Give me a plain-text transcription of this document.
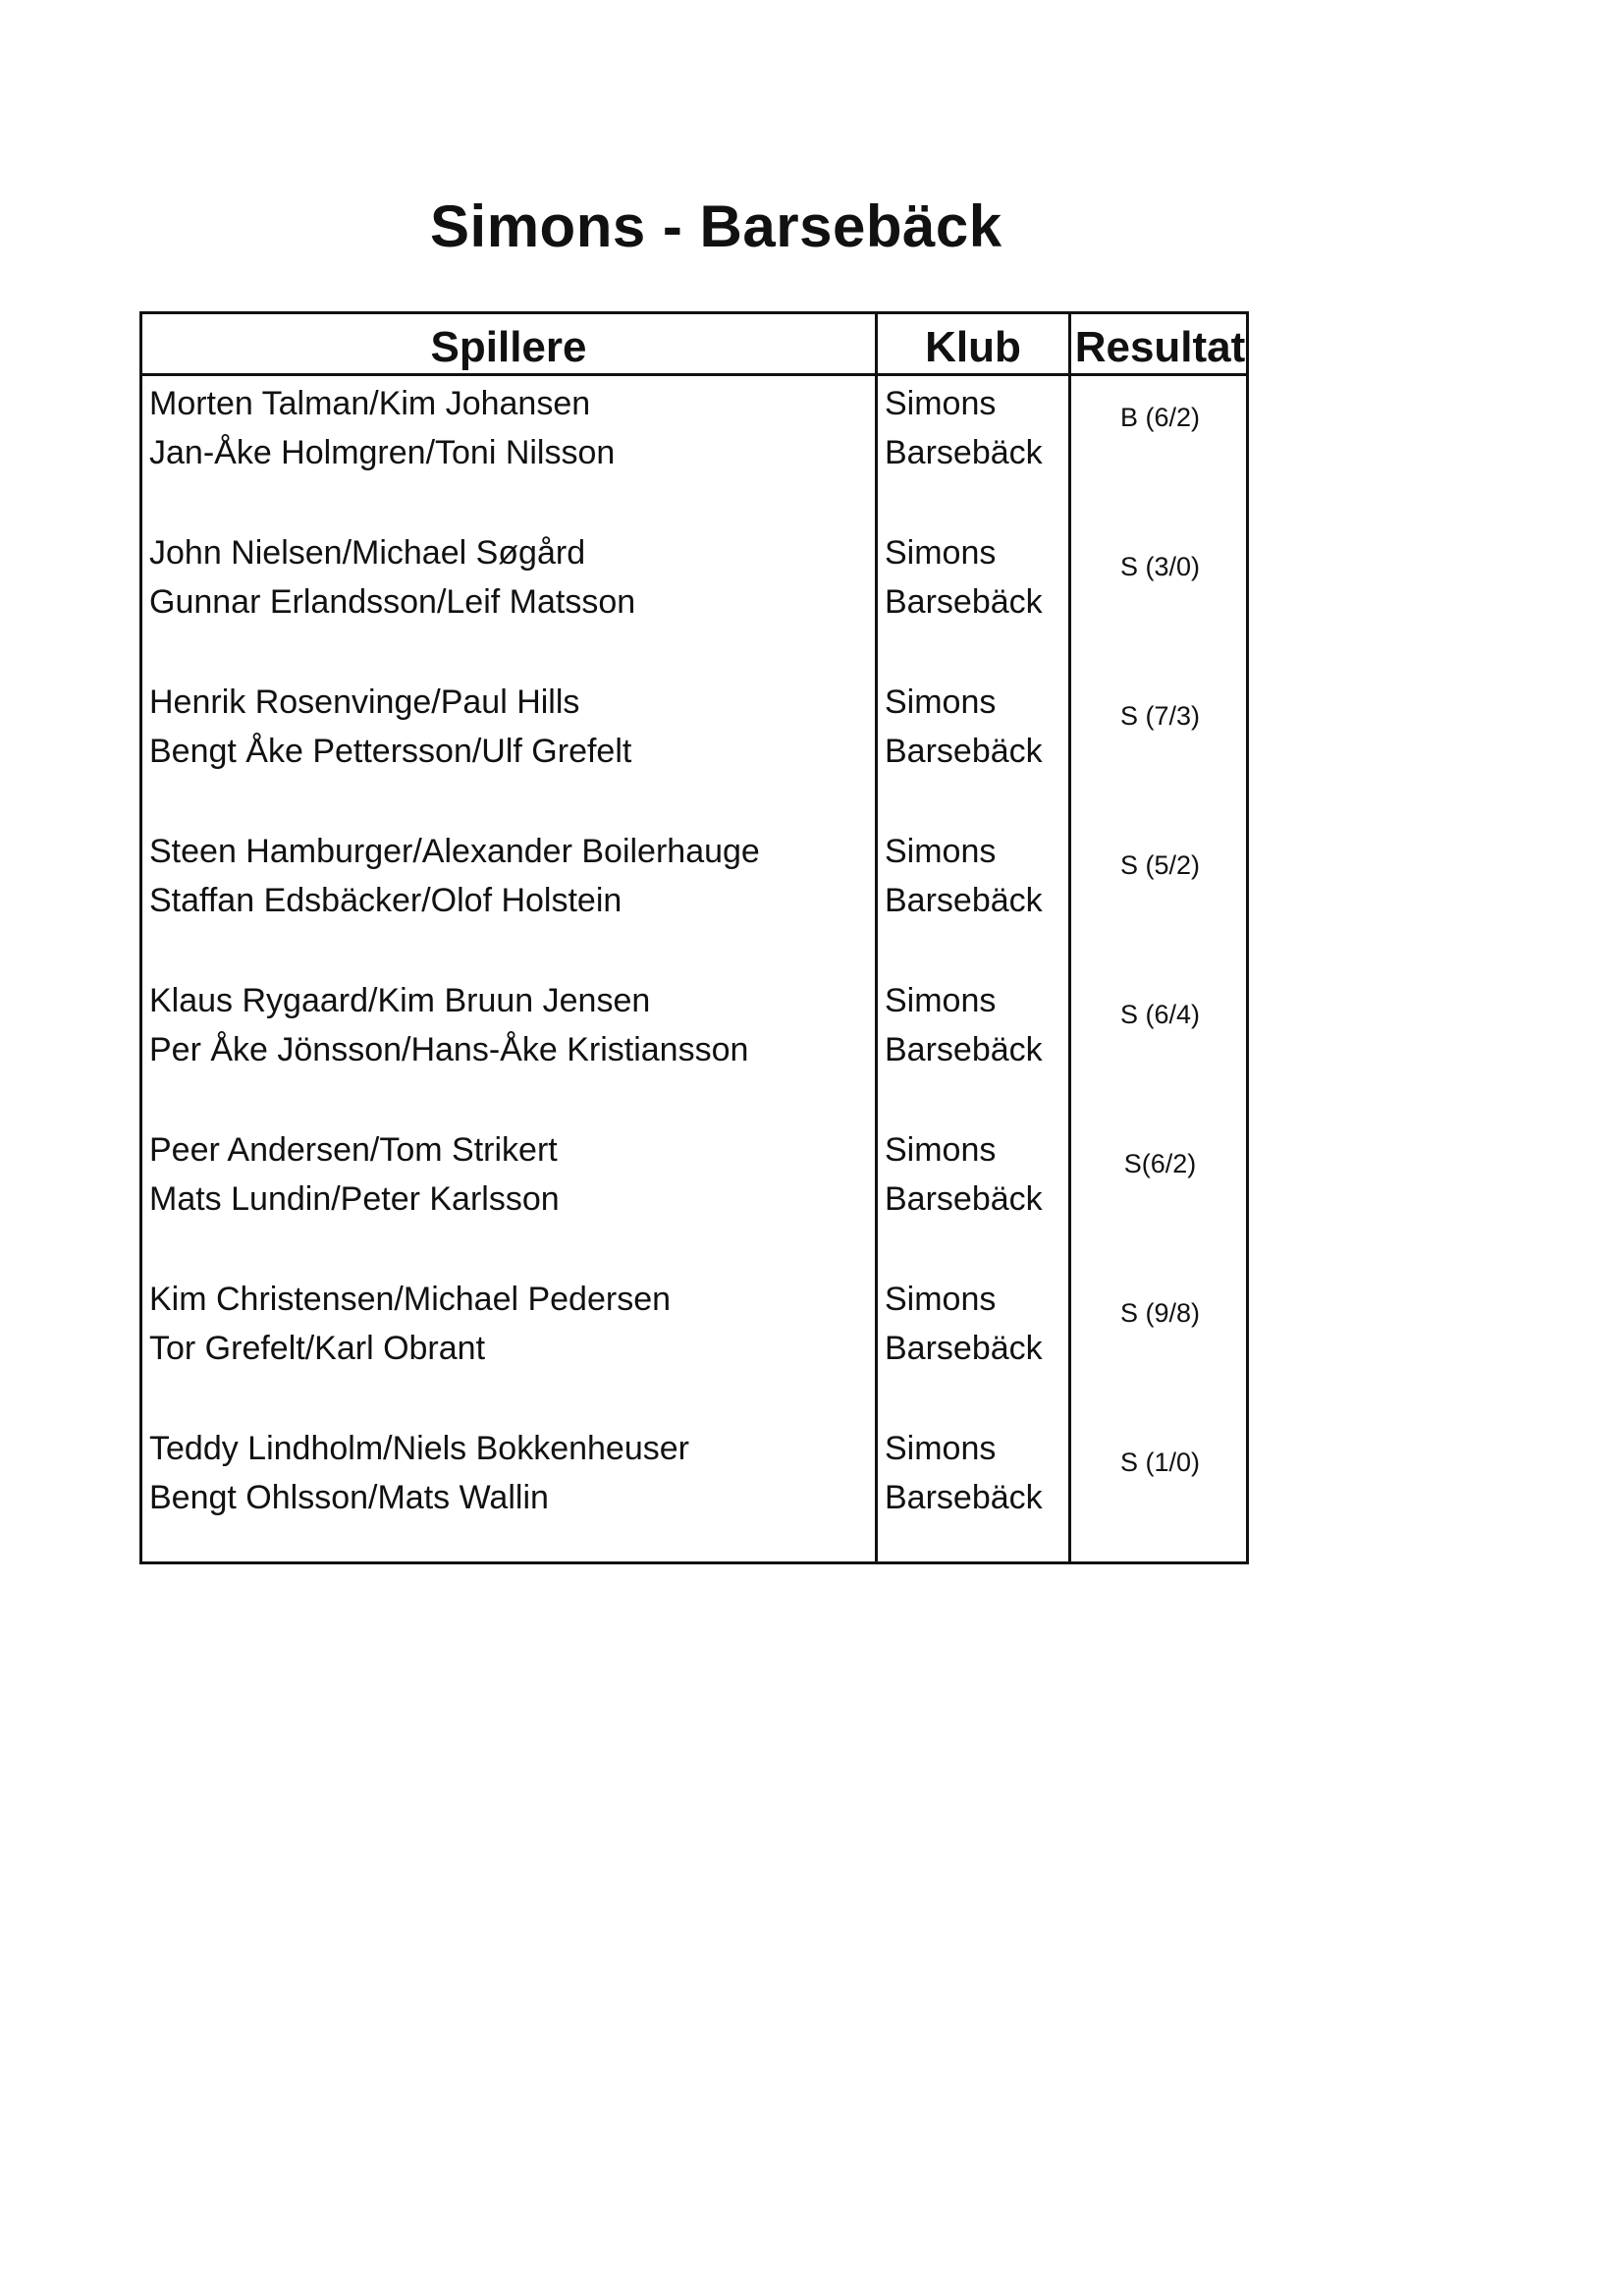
Simons - Barsebäck
Spillere	Klub	Resultat
Morten Talman/Kim Johansen
Jan-Åke Holmgren/Toni Nilsson
Simons
Barsebäck
B (6/2)
John Nielsen/Michael Søgård
Gunnar Erlandsson/Leif Matsson
Simons
Barsebäck
S (3/0)
Henrik Rosenvinge/Paul Hills
Bengt Åke Pettersson/Ulf Grefelt
Simons
Barsebäck
S (7/3)
Steen Hamburger/Alexander Boilerhauge
Staffan Edsbäcker/Olof Holstein
Simons
Barsebäck
S (5/2)
Klaus Rygaard/Kim Bruun Jensen
Per Åke Jönsson/Hans-Åke Kristiansson
Simons
Barsebäck
S (6/4)
Peer Andersen/Tom Strikert
Mats Lundin/Peter Karlsson
Simons
Barsebäck
S(6/2)
Kim Christensen/Michael Pedersen
Tor Grefelt/Karl Obrant
Simons
Barsebäck
S (9/8)
Teddy Lindholm/Niels Bokkenheuser
Bengt Ohlsson/Mats Wallin
Simons
Barsebäck
S (1/0)
